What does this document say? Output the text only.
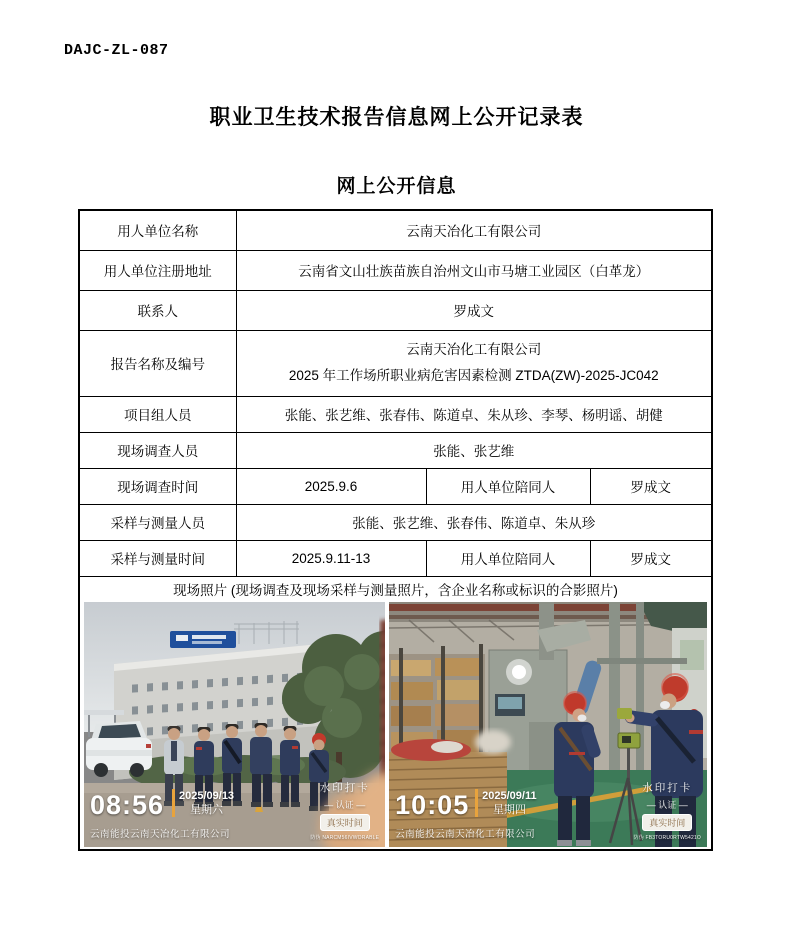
DAJC-ZL-087
职业卫生技术报告信息网上公开记录表
网上公开信息
用人单位名称	云南天冶化工有限公司		
用人单位注册地址	云南省文山壮族苗族自治州文山市马塘工业园区（白革龙）		
联系人	罗成文		
报告名称及编号	云南天冶化工有限公司
2025 年工作场所职业病危害因素检测 ZTDA(ZW)-2025-JC042		

项目组人员	张能、张艺维、张春伟、陈道卓、朱从珍、李琴、杨明谣、胡健		
现场调查人员	张能、张艺维		
现场调查时间	2025.9.6	用人单位陪同人	罗成文
采样与测量人员	张能、张艺维、张春伟、陈道卓、朱从珍		
采样与测量时间	2025.9.11-13	用人单位陪同人	罗成文

现场照片 (现场调查及现场采样与测量照片，含企业名称或标识的合影照片)
08:56 2025/09/13
星期六
云南能投云南天冶化工有限公司
水印打卡
— 认证 —
真实时间
防伪 NARCM56IVWORABLE
10:05 2025/09/11
星期四
云南能投云南天冶化工有限公司
水印打卡
— 认证 —
真实时间
防伪 FB3TORU0RTW5421O
